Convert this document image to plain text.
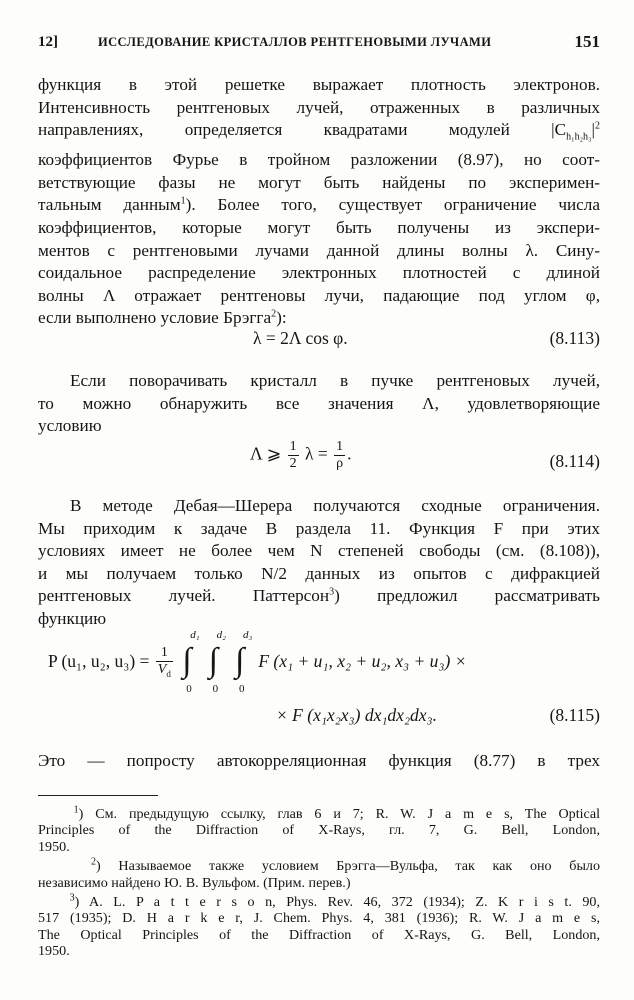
12]	ИССЛЕДОВАНИЕ КРИСТАЛЛОВ РЕНТГЕНОВЫМИ ЛУЧАМИ	151
функция в этой решетке выражает плотность электронов.
Интенсивность рентгеновых лучей, отраженных в различных
направлениях, определяется квадратами модулей $|C_{h_1h_2h_3}|^2$
коэффициентов Фурье в тройном разложении (8.97), но соот-
ветствующие фазы не могут быть найдены по эксперимен-
тальным данным$^1$). Более того, существует ограничение числа
коэффициентов, которые могут быть получены из экспери-
ментов с рентгеновыми лучами данной длины волны λ. Сину-
соидальное распределение электронных плотностей с длиной
волны Λ отражает рентгеновы лучи, падающие под углом φ,
если выполнено условие Брэгга$^2$):
λ = 2Λ cos φ.	(8.113)
Если поворачивать кристалл в пучке рентгеновых лучей,
то можно обнаружить все значения Λ, удовлетворяющие
условию
Λ ⩾ $\frac{1}{2}$ $\lambda = \frac{1}{\rho}$ .	(8.114)
В методе Дебая—Шерера получаются сходные ограничения.
Мы приходим к задаче В раздела 11. Функция F при этих
условиях имеет не более чем N степеней свободы (см. (8.108)),
и мы получаем только N/2 данных из опытов с дифракцией
рентгеновых лучей. Паттерсон$^3$) предложил рассматривать
функцию
P (u₁, u₂, $u_3) = \frac{1}{V_d}$
∫
d₁
0

∫
d₂
0

∫
d₃
0
F (x₁ + u₁, x₂ + u₂, x₃ + u₃) ×
× F (x₁x₂x₃) dx₁dx₂dx₃.	(8.115)
Это — попросту автокорреляционная функция (8.77) в трех
$^1$) См. предыдущую ссылку, глав 6 и 7; R. W. J a m e s, The Optical
Principles of the Diffraction of X-Rays, гл. 7, G. Bell, London,
1950.
$^2$) Называемое также условием Брэгга—Вульфа, так как оно было
независимо найдено Ю. В. Вульфом. (Прим. перев.)
$^3$) A. L. P a t t e r s o n, Phys. Rev. 46, 372 (1934); Z. K r i s t. 90,
517 (1935); D. H a r k e r, J. Chem. Phys. 4, 381 (1936); R. W. J a m e s,
The Optical Principles of the Diffraction of X-Rays, G. Bell, London,
1950.
